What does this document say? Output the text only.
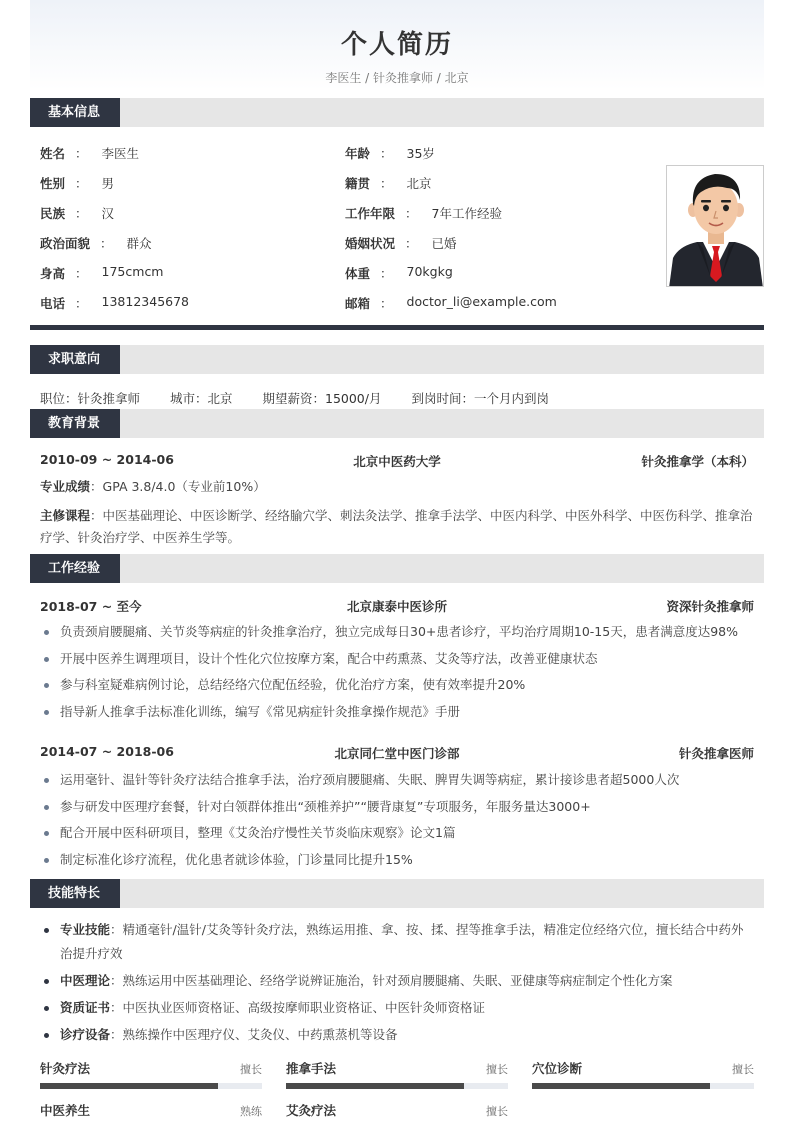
个人简历
李医生 / 针灸推拿师 / 北京
基本信息
姓名 ： 李医生	年龄 ： 35岁
性别 ： 男	籍贯 ： 北京
民族 ： 汉	工作年限 ： 7年工作经验
政治面貌 ： 群众	婚姻状况 ： 已婚
身高 ： 175cmcm	体重 ： 70kgkg
电话 ： 13812345678	邮箱 ： doctor_li@example.com
求职意向
职位：针灸推拿师 城市：北京 期望薪资：15000/月 到岗时间：一个月内到岗
教育背景
2010-09 ~ 2014-06	北京中医药大学	针灸推拿学（本科）
专业成绩：GPA 3.8/4.0（专业前10%）
主修课程：中医基础理论、中医诊断学、经络腧穴学、刺法灸法学、推拿手法学、中医内科学、中医外科学、中医伤科学、推拿治疗学、针灸治疗学、中医养生学等。
工作经验
2018-07 ~ 至今	北京康泰中医诊所	资深针灸推拿师
负责颈肩腰腿痛、关节炎等病症的针灸推拿治疗，独立完成每日30+患者诊疗，平均治疗周期10-15天，患者满意度达98%
开展中医养生调理项目，设计个性化穴位按摩方案，配合中药熏蒸、艾灸等疗法，改善亚健康状态
参与科室疑难病例讨论，总结经络穴位配伍经验，优化治疗方案，使有效率提升20%
指导新人推拿手法标准化训练，编写《常见病症针灸推拿操作规范》手册
2014-07 ~ 2018-06	北京同仁堂中医门诊部	针灸推拿医师
运用毫针、温针等针灸疗法结合推拿手法，治疗颈肩腰腿痛、失眠、脾胃失调等病症，累计接诊患者超5000人次
参与研发中医理疗套餐，针对白领群体推出“颈椎养护”“腰背康复”专项服务，年服务量达3000+
配合开展中医科研项目，整理《艾灸治疗慢性关节炎临床观察》论文1篇
制定标准化诊疗流程，优化患者就诊体验，门诊量同比提升15%
技能特长
专业技能：精通毫针/温针/艾灸等针灸疗法，熟练运用推、拿、按、揉、捏等推拿手法，精准定位经络穴位，擅长结合中药外治提升疗效
中医理论：熟练运用中医基础理论、经络学说辨证施治，针对颈肩腰腿痛、失眠、亚健康等病症制定个性化方案
资质证书：中医执业医师资格证、高级按摩师职业资格证、中医针灸师资格证
诊疗设备：熟练操作中医理疗仪、艾灸仪、中药熏蒸机等设备
针灸疗法	擅长 推拿手法	擅长 穴位诊断	擅长
中医养生	熟练 艾灸疗法	擅长
